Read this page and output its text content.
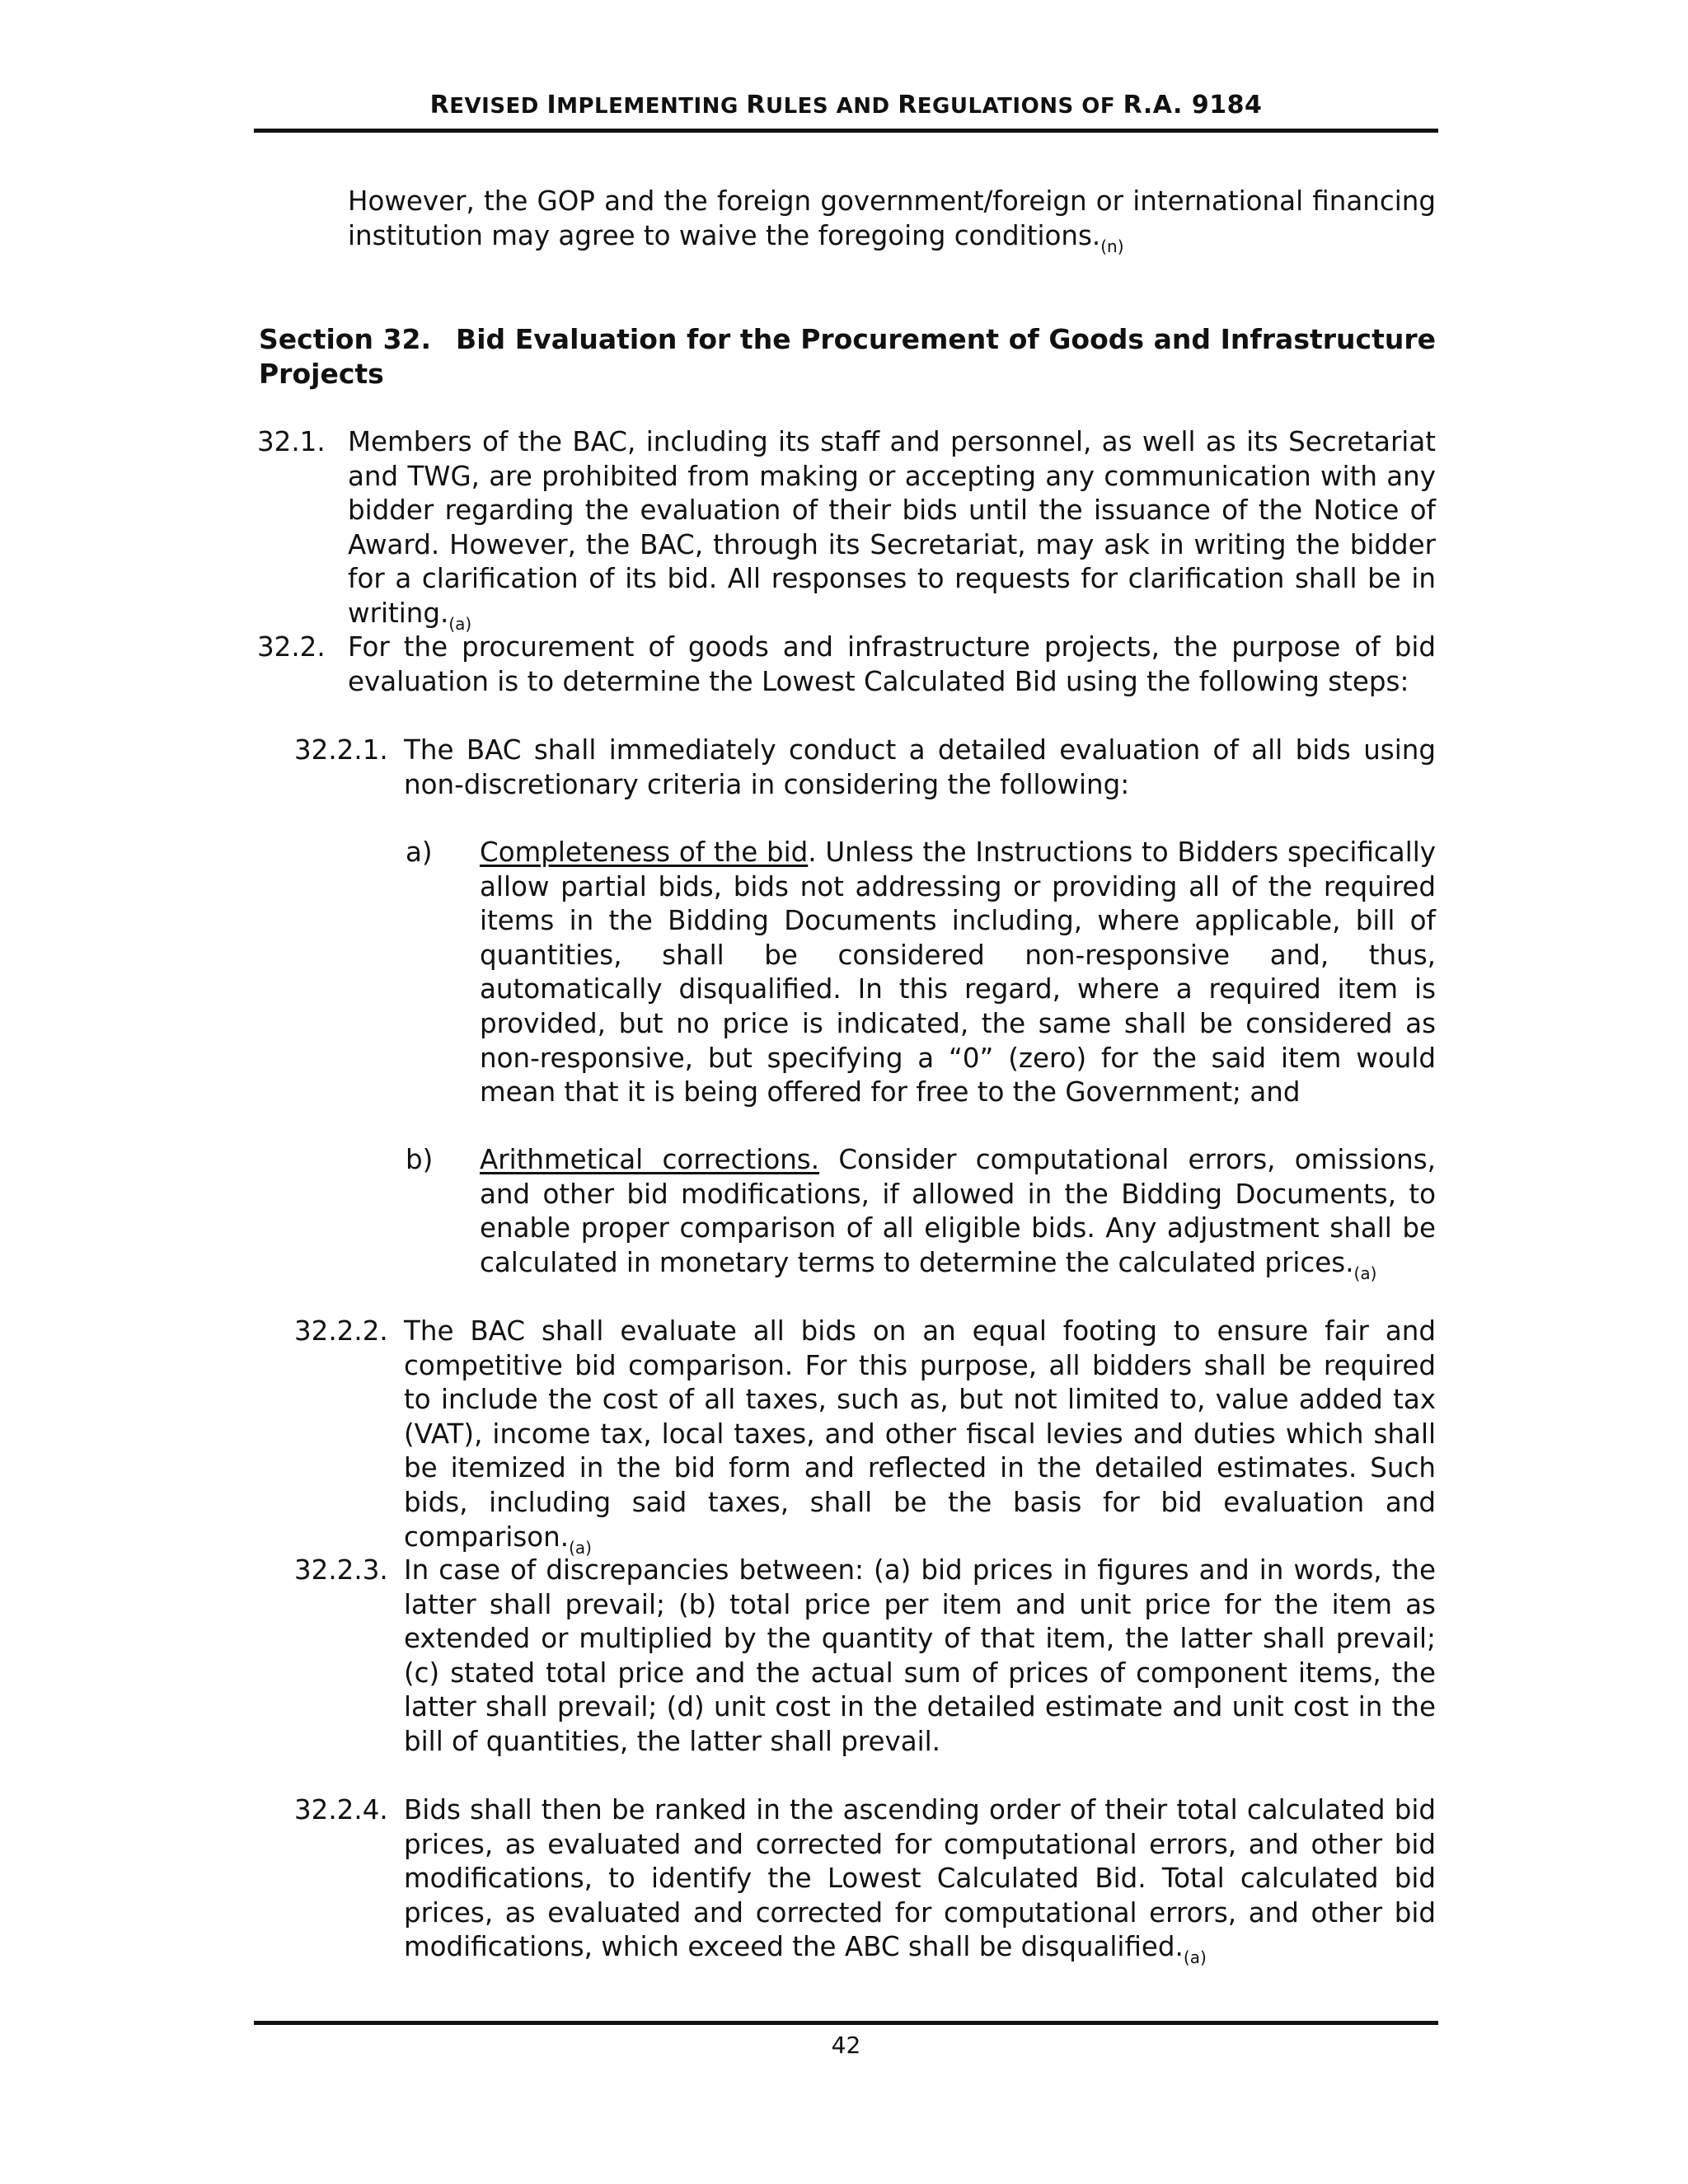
REVISED IMPLEMENTING RULES AND REGULATIONS OF R.A. 9184
However, the GOP and the foreign government/foreign or international financing institution may agree to waive the foregoing $conditions._{(n)}$
Section 32. Bid Evaluation for the Procurement of Goods and Infrastructure Projects
32.1. Members of the BAC, including its staff and personnel, as well as its Secretariat and TWG, are prohibited from making or accepting any communication with any bidder regarding the evaluation of their bids until the issuance of the Notice of Award. However, the BAC, through its Secretariat, may ask in writing the bidder for a clarification of its bid. All responses to requests for clarification shall be in $writing._{(a)}$
32.2. For the procurement of goods and infrastructure projects, the purpose of bid evaluation is to determine the Lowest Calculated Bid using the following steps:
32.2.1. The BAC shall immediately conduct a detailed evaluation of all bids using non-discretionary criteria in considering the following:
a) Completeness of the bid. Unless the Instructions to Bidders specifically allow partial bids, bids not addressing or providing all of the required items in the Bidding Documents including, where applicable, bill of quantities, shall be considered non-responsive and, thus, automatically disqualified. In this regard, where a required item is provided, but no price is indicated, the same shall be considered as non-responsive, but specifying a “0” (zero) for the said item would mean that it is being offered for free to the Government; and
b) Arithmetical corrections. Consider computational errors, omissions, and other bid modifications, if allowed in the Bidding Documents, to enable proper comparison of all eligible bids. Any adjustment shall be calculated in monetary terms to determine the calculated $prices._{(a)}$
32.2.2. The BAC shall evaluate all bids on an equal footing to ensure fair and competitive bid comparison. For this purpose, all bidders shall be required to include the cost of all taxes, such as, but not limited to, value added tax (VAT), income tax, local taxes, and other fiscal levies and duties which shall be itemized in the bid form and reflected in the detailed estimates. Such bids, including said taxes, shall be the basis for bid evaluation and $comparison._{(a)}$
32.2.3. In case of discrepancies between: (a) bid prices in figures and in words, the latter shall prevail; (b) total price per item and unit price for the item as extended or multiplied by the quantity of that item, the latter shall prevail; (c) stated total price and the actual sum of prices of component items, the latter shall prevail; (d) unit cost in the detailed estimate and unit cost in the bill of quantities, the latter shall prevail.
32.2.4. Bids shall then be ranked in the ascending order of their total calculated bid prices, as evaluated and corrected for computational errors, and other bid modifications, to identify the Lowest Calculated Bid. Total calculated bid prices, as evaluated and corrected for computational errors, and other bid modifications, which exceed the ABC shall be $disqualified._{(a)}$
42
